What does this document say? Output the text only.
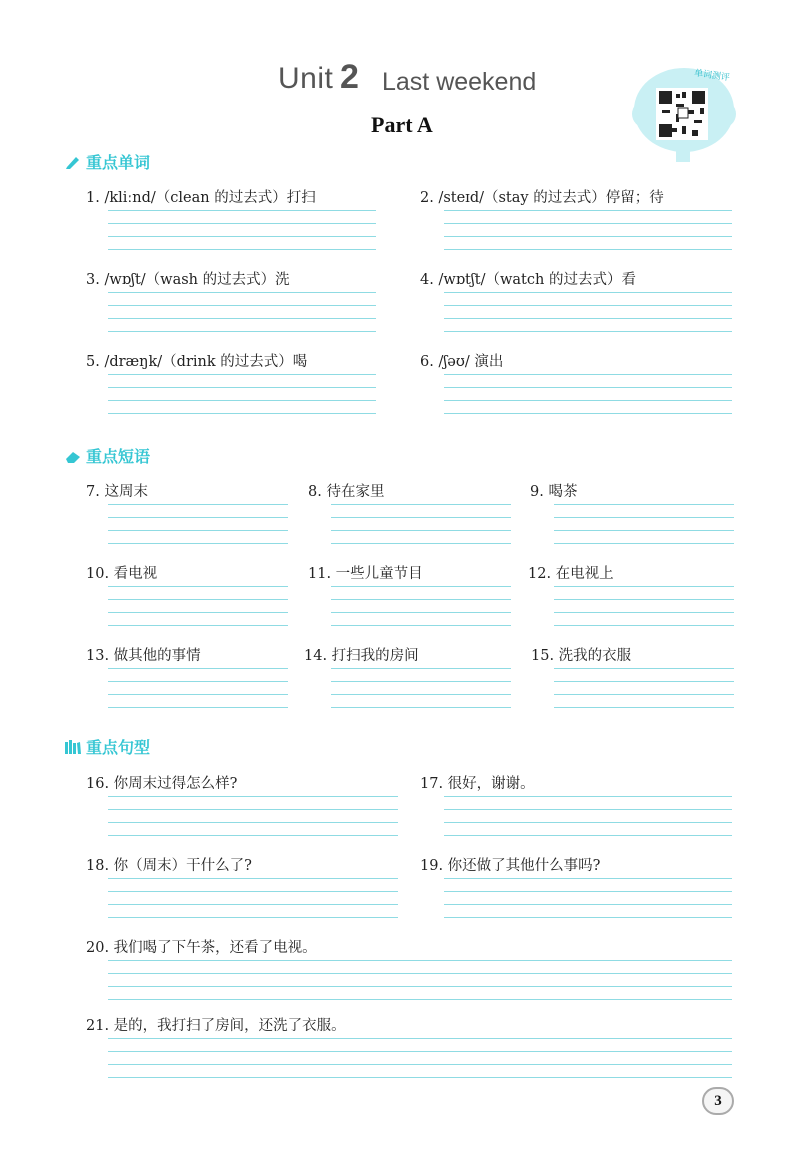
Unit 2 Last weekend
Part A
单词测评
重点单词
1. /kliːnd/（clean 的过去式）打扫	2. /steɪd/（stay 的过去式）停留；待
3. /wɒʃt/（wash 的过去式）洗	4. /wɒtʃt/（watch 的过去式）看
5. /dræŋk/（drink 的过去式）喝	6. /ʃəʊ/ 演出
重点短语
7. 这周末	8. 待在家里	9. 喝茶
10. 看电视	11. 一些儿童节目	12. 在电视上
13. 做其他的事情	14. 打扫我的房间	15. 洗我的衣服
重点句型
16. 你周末过得怎么样?	17. 很好，谢谢。
18. 你（周末）干什么了?	19. 你还做了其他什么事吗?
20. 我们喝了下午茶，还看了电视。
21. 是的，我打扫了房间，还洗了衣服。
3
